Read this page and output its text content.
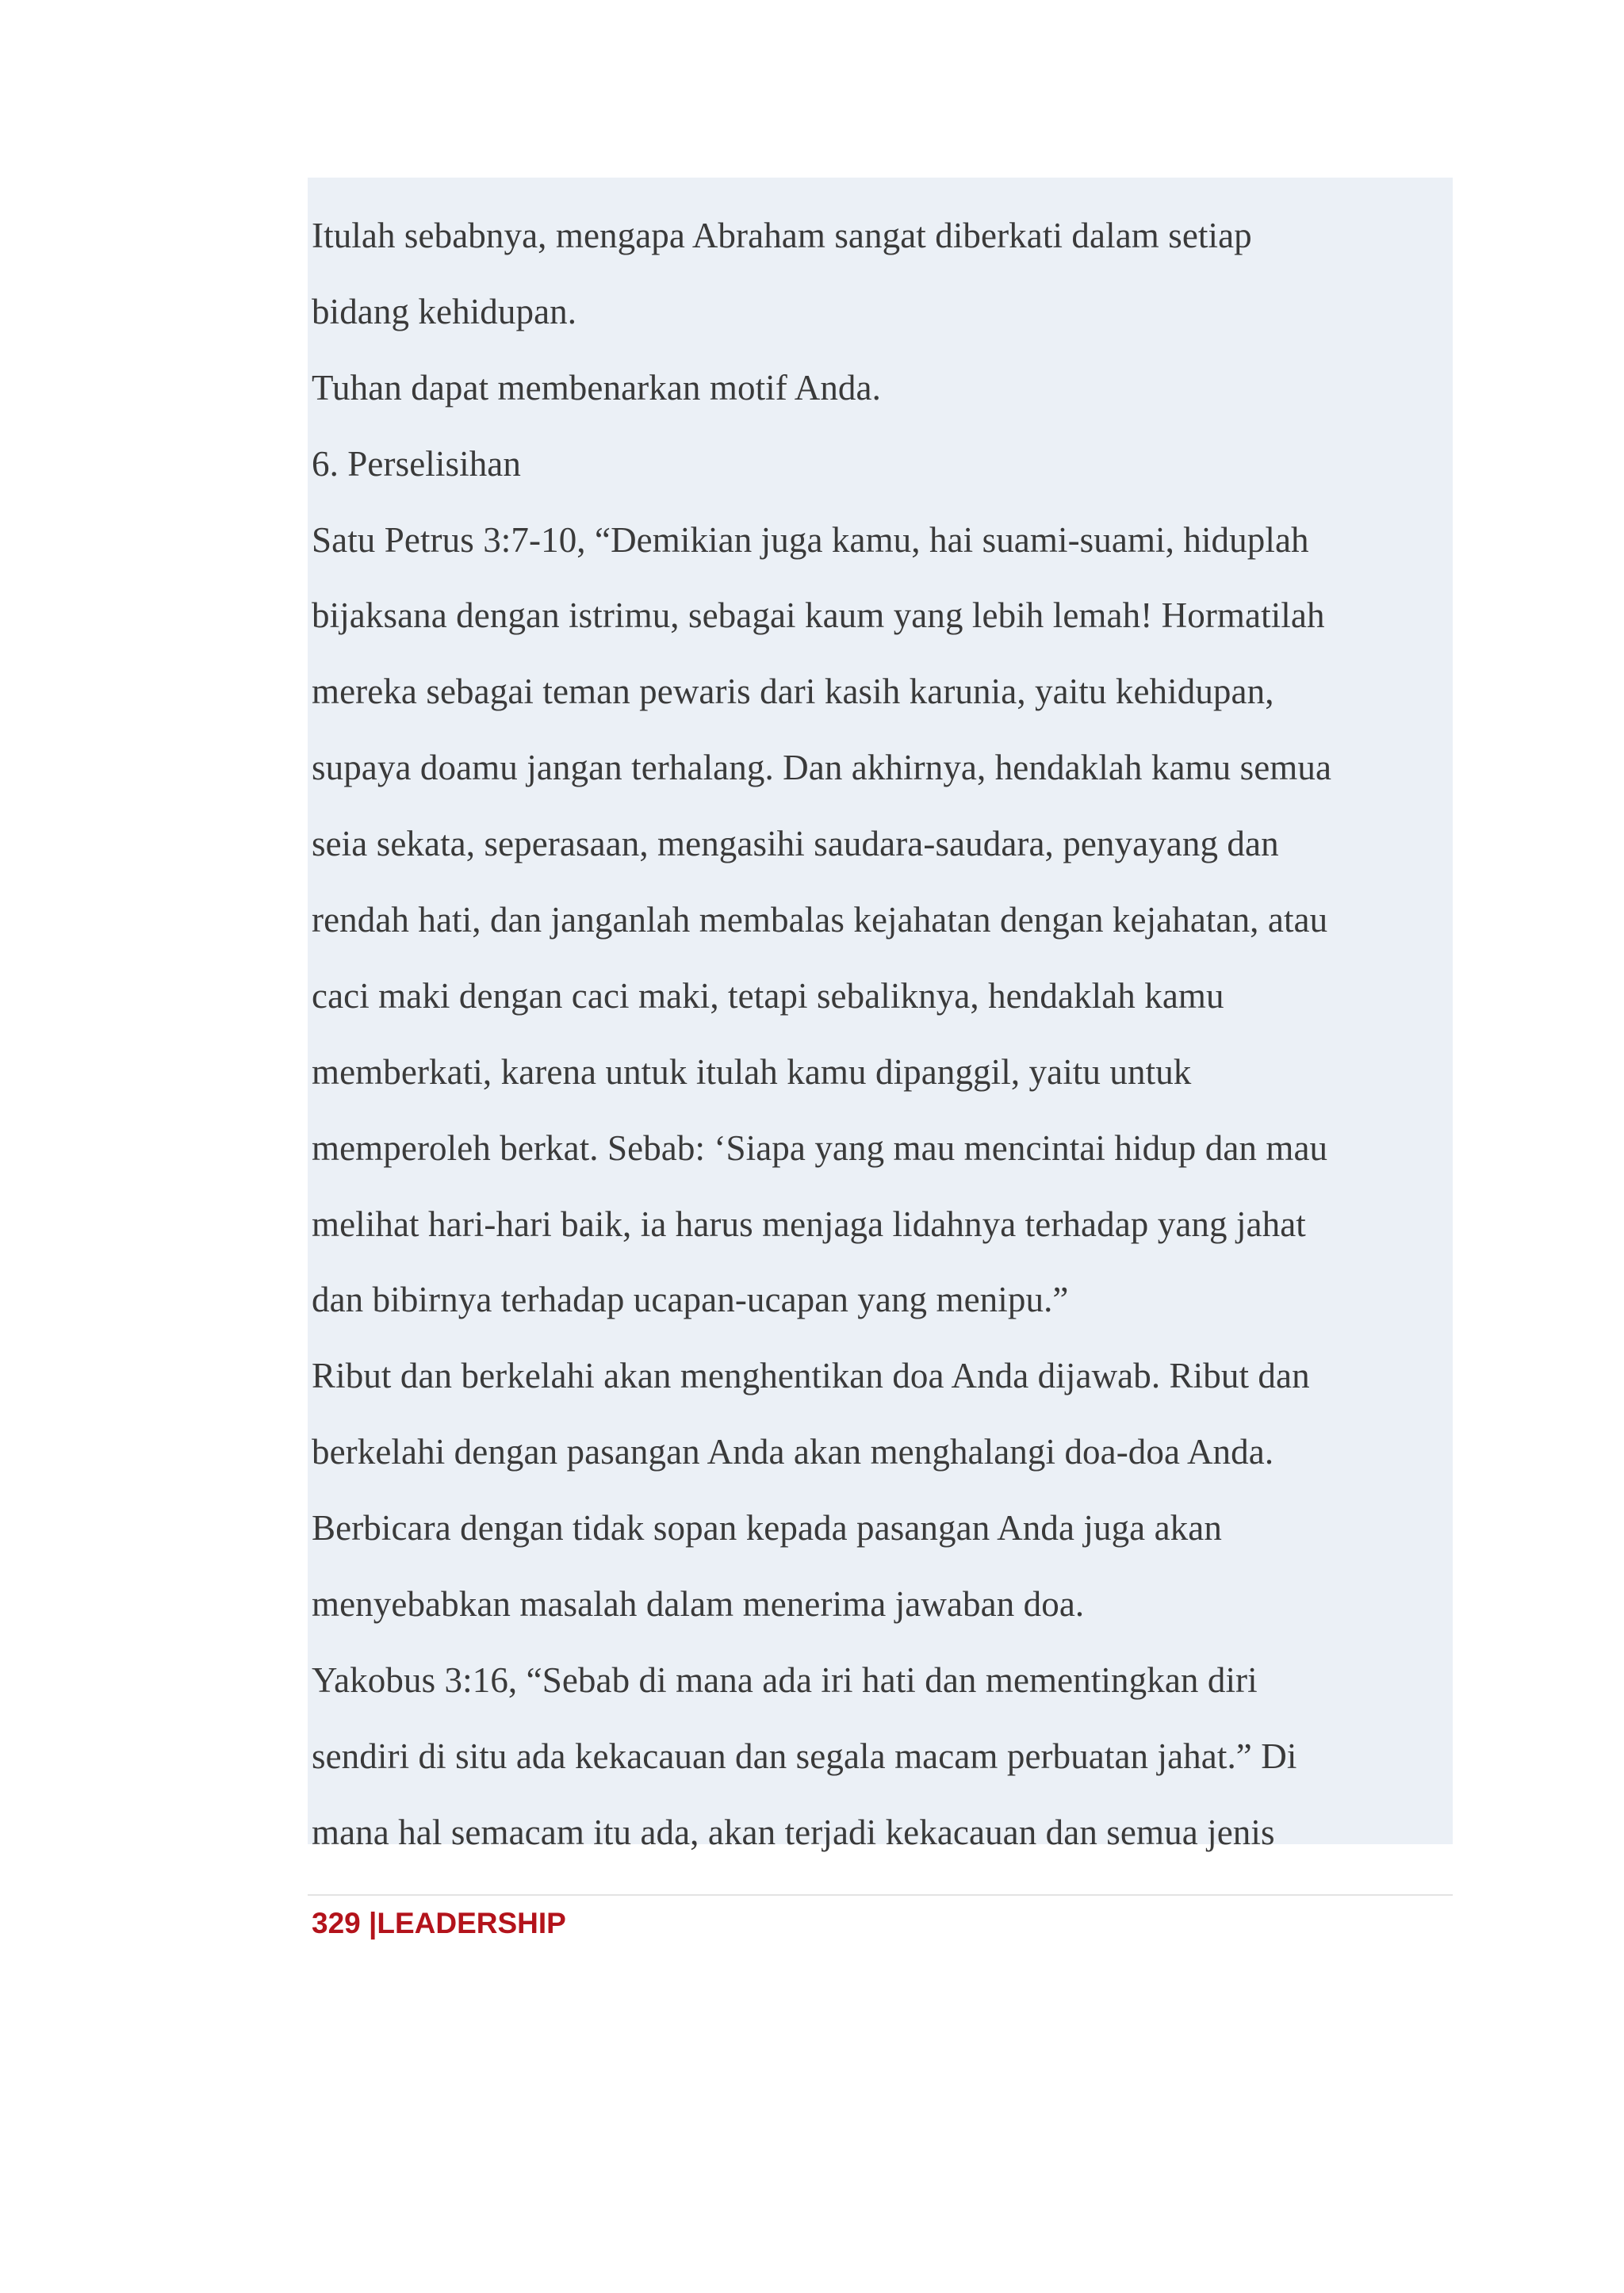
Itulah sebabnya, mengapa Abraham sangat diberkati dalam setiap
bidang kehidupan.
Tuhan dapat membenarkan motif Anda.
6. Perselisihan
Satu Petrus 3:7-10, “Demikian juga kamu, hai suami-suami, hiduplah
bijaksana dengan istrimu, sebagai kaum yang lebih lemah! Hormatilah
mereka sebagai teman pewaris dari kasih karunia, yaitu kehidupan,
supaya doamu jangan terhalang. Dan akhirnya, hendaklah kamu semua
seia sekata, seperasaan, mengasihi saudara-saudara, penyayang dan
rendah hati, dan janganlah membalas kejahatan dengan kejahatan, atau
caci maki dengan caci maki, tetapi sebaliknya, hendaklah kamu
memberkati, karena untuk itulah kamu dipanggil, yaitu untuk
memperoleh berkat. Sebab: ‘Siapa yang mau mencintai hidup dan mau
melihat hari-hari baik, ia harus menjaga lidahnya terhadap yang jahat
dan bibirnya terhadap ucapan-ucapan yang menipu.”
Ribut dan berkelahi akan menghentikan doa Anda dijawab. Ribut dan
berkelahi dengan pasangan Anda akan menghalangi doa-doa Anda.
Berbicara dengan tidak sopan kepada pasangan Anda juga akan
menyebabkan masalah dalam menerima jawaban doa.
Yakobus 3:16, “Sebab di mana ada iri hati dan mementingkan diri
sendiri di situ ada kekacauan dan segala macam perbuatan jahat.” Di
mana hal semacam itu ada, akan terjadi kekacauan dan semua jenis
329 |LEADERSHIP
